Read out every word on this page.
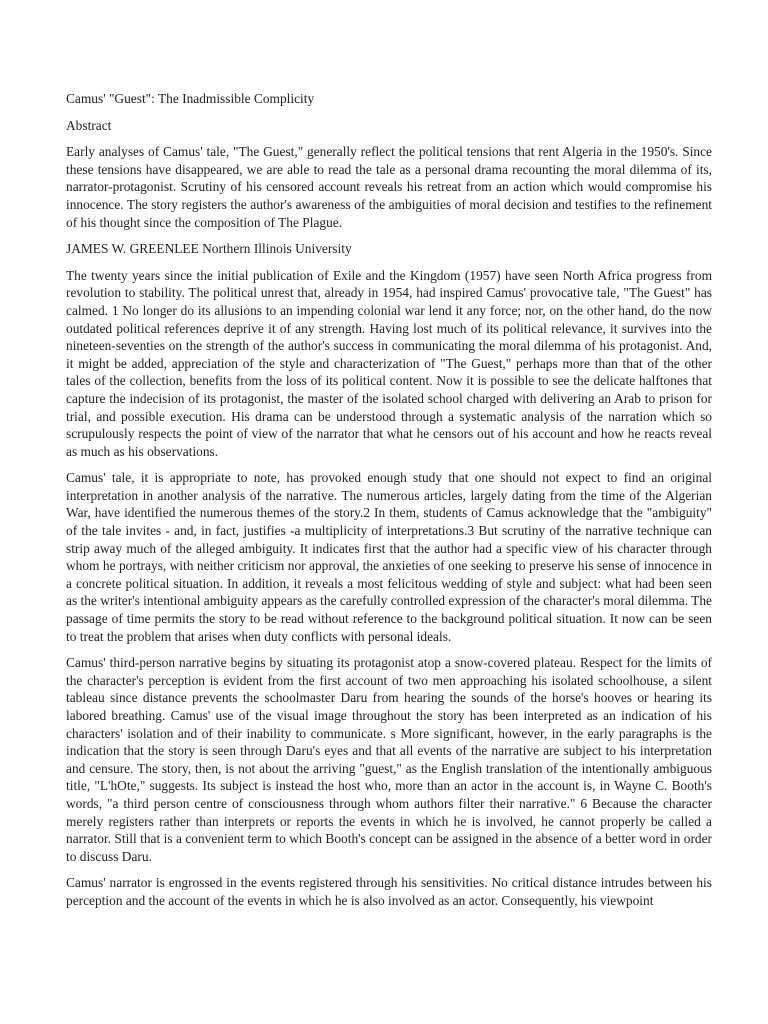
Camus' "Guest": The Inadmissible Complicity

Abstract

Early analyses of Camus' tale, "The Guest," generally reflect the political tensions that rent Algeria in the 1950's. Since these tensions have disappeared, we are able to read the tale as a personal drama recounting the moral dilemma of its, narrator-protagonist. Scrutiny of his censored account reveals his retreat from an action which would compromise his innocence. The story registers the author's awareness of the ambiguities of moral decision and testifies to the refinement of his thought since the composition of The Plague.

JAMES W. GREENLEE Northern Illinois University

The twenty years since the initial publication of Exile and the Kingdom (1957) have seen North Africa progress from revolution to stability. The political unrest that, already in 1954, had inspired Camus' provocative tale, "The Guest" has calmed. 1 No longer do its allusions to an impending colonial war lend it any force; nor, on the other hand, do the now outdated political references deprive it of any strength. Having lost much of its political relevance, it survives into the nineteen-seventies on the strength of the author's success in communicating the moral dilemma of his protagonist. And, it might be added, appreciation of the style and characterization of "The Guest," perhaps more than that of the other tales of the collection, benefits from the loss of its political content. Now it is possible to see the delicate halftones that capture the indecision of its protagonist, the master of the isolated school charged with delivering an Arab to prison for trial, and possible execution. His drama can be understood through a systematic analysis of the narration which so scrupulously respects the point of view of the narrator that what he censors out of his account and how he reacts reveal as much as his observations.

Camus' tale, it is appropriate to note, has provoked enough study that one should not expect to find an original interpretation in another analysis of the narrative. The numerous articles, largely dating from the time of the Algerian War, have identified the numerous themes of the story.2 In them, students of Camus acknowledge that the "ambiguity" of the tale invites - and, in fact, justifies -a multiplicity of interpretations.3 But scrutiny of the narrative technique can strip away much of the alleged ambiguity. It indicates first that the author had a specific view of his character through whom he portrays, with neither criticism nor approval, the anxieties of one seeking to preserve his sense of innocence in a concrete political situation. In addition, it reveals a most felicitous wedding of style and subject: what had been seen as the writer's intentional ambiguity appears as the carefully controlled expression of the character's moral dilemma. The passage of time permits the story to be read without reference to the background political situation. It now can be seen to treat the problem that arises when duty conflicts with personal ideals.

Camus' third-person narrative begins by situating its protagonist atop a snow-covered plateau. Respect for the limits of the character's perception is evident from the first account of two men approaching his isolated schoolhouse, a silent tableau since distance prevents the schoolmaster Daru from hearing the sounds of the horse's hooves or hearing its labored breathing. Camus' use of the visual image throughout the story has been interpreted as an indication of his characters' isolation and of their inability to communicate. s More significant, however, in the early paragraphs is the indication that the story is seen through Daru's eyes and that all events of the narrative are subject to his interpretation and censure. The story, then, is not about the arriving "guest," as the English translation of the intentionally ambiguous title, "L'hOte," suggests. Its subject is instead the host who, more than an actor in the account is, in Wayne C. Booth's words, "a third person centre of consciousness through whom authors filter their narrative." 6 Because the character merely registers rather than interprets or reports the events in which he is involved, he cannot properly be called a narrator. Still that is a convenient term to which Booth's concept can be assigned in the absence of a better word in order to discuss Daru.

Camus' narrator is engrossed in the events registered through his sensitivities. No critical distance intrudes between his perception and the account of the events in which he is also involved as an actor. Consequently, his viewpoint
